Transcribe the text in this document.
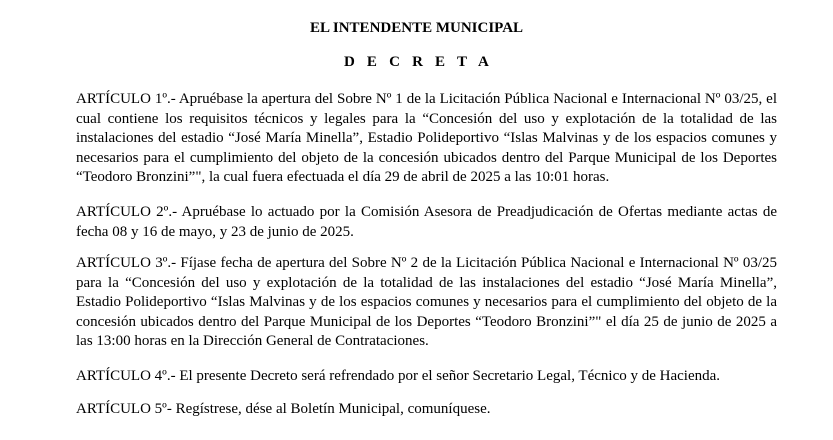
EL INTENDENTE MUNICIPAL
D E C R E T A
ARTÍCULO 1º.- Apruébase la apertura del Sobre Nº 1 de la Licitación Pública Nacional e Internacional Nº 03/25, el
cual contiene los requisitos técnicos y legales para la “Concesión del uso y explotación de la totalidad de las
instalaciones del estadio “José María Minella”, Estadio Polideportivo “Islas Malvinas y de los espacios comunes y
necesarios para el cumplimiento del objeto de la concesión ubicados dentro del Parque Municipal de los Deportes
“Teodoro Bronzini”", la cual fuera efectuada el día 29 de abril de 2025 a las 10:01 horas.
ARTÍCULO 2º.- Apruébase lo actuado por la Comisión Asesora de Preadjudicación de Ofertas mediante actas de
fecha 08 y 16 de mayo, y 23 de junio de 2025.
ARTÍCULO 3º.- Fíjase fecha de apertura del Sobre Nº 2 de la Licitación Pública Nacional e Internacional Nº 03/25
para la “Concesión del uso y explotación de la totalidad de las instalaciones del estadio “José María Minella”,
Estadio Polideportivo “Islas Malvinas y de los espacios comunes y necesarios para el cumplimiento del objeto de la
concesión ubicados dentro del Parque Municipal de los Deportes “Teodoro Bronzini”" el día 25 de junio de 2025 a
las 13:00 horas en la Dirección General de Contrataciones.
ARTÍCULO 4º.- El presente Decreto será refrendado por el señor Secretario Legal, Técnico y de Hacienda.
ARTÍCULO 5º- Regístrese, dése al Boletín Municipal, comuníquese.
